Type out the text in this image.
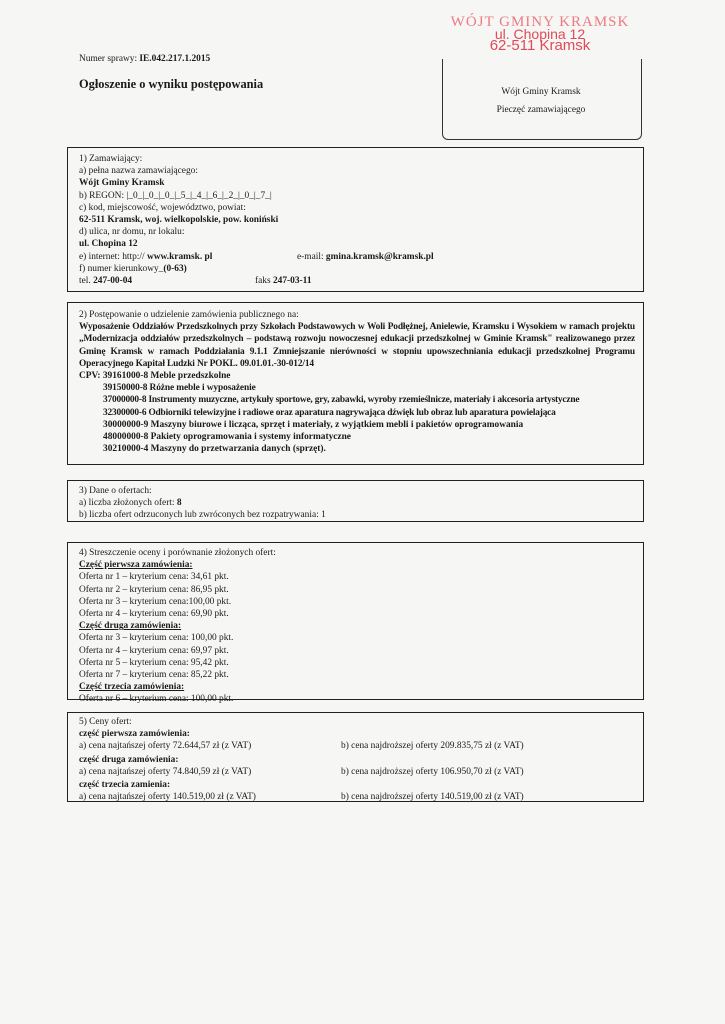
Numer sprawy: IE.042.217.1.2015
Ogłoszenie o wyniku postępowania
WÓJT GMINY KRAMSK
ul. Chopina 12
62-511 Kramsk
Wójt Gminy Kramsk
Pieczęć zamawiającego
1) Zamawiający:
a) pełna nazwa zamawiającego:
Wójt Gminy Kramsk
b) REGON: |_0_|_0_|_0_|_5_|_4_|_6_|_2_|_0_|_7_|
c) kod, miejscowość, województwo, powiat:
62-511 Kramsk, woj. wielkopolskie, pow. koniński
d) ulica, nr domu, nr lokalu:
ul. Chopina 12
e) internet: http:// www.kramsk. pl	e-mail: gmina.kramsk@kramsk.pl
f) numer kierunkowy_(0-63)
tel. 247-00-04	faks 247-03-11
2) Postępowanie o udzielenie zamówienia publicznego na:
Wyposażenie Oddziałów Przedszkolnych przy Szkołach Podstawowych w Woli Podłężnej, Anielewie, Kramsku i Wysokiem w ramach projektu „Modernizacja oddziałów przedszkolnych – podstawą rozwoju nowoczesnej edukacji przedszkolnej w Gminie Kramsk" realizowanego przez Gminę Kramsk w ramach Poddziałania 9.1.1 Zmniejszanie nierówności w stopniu upowszechniania edukacji przedszkolnej Programu Operacyjnego Kapitał Ludzki Nr POKL. 09.01.01.-30-012/14
CPV: 39161000-8 Meble przedszkolne
39150000-8 Różne meble i wyposażenie
37000000-8 Instrumenty muzyczne, artykuły sportowe, gry, zabawki, wyroby rzemieślnicze, materiały i akcesoria artystyczne
32300000-6 Odbiorniki telewizyjne i radiowe oraz aparatura nagrywająca dźwięk lub obraz lub aparatura powielająca
30000000-9 Maszyny biurowe i licząca, sprzęt i materiały, z wyjątkiem mebli i pakietów oprogramowania
48000000-8 Pakiety oprogramowania i systemy informatyczne
30210000-4 Maszyny do przetwarzania danych (sprzęt).
3) Dane o ofertach:
a) liczba złożonych ofert: 8
b) liczba ofert odrzuconych lub zwróconych bez rozpatrywania: 1
4) Streszczenie oceny i porównanie złożonych ofert:
Część pierwsza zamówienia:
Oferta nr 1 – kryterium cena: 34,61 pkt.
Oferta nr 2 – kryterium cena: 86,95 pkt.
Oferta nr 3 – kryterium cena:100,00 pkt.
Oferta nr 4 – kryterium cena: 69,90 pkt.
Część druga zamówienia:
Oferta nr 3 – kryterium cena: 100,00 pkt.
Oferta nr 4 – kryterium cena: 69,97 pkt.
Oferta nr 5 – kryterium cena: 95,42 pkt.
Oferta nr 7 – kryterium cena: 85,22 pkt.
Część trzecia zamówienia:
Oferta nr 6 – kryterium cena: 100,00 pkt.
5) Ceny ofert:
część pierwsza zamówienia:
a) cena najtańszej oferty 72.644,57 zł (z VAT)	b) cena najdroższej oferty 209.835,75 zł (z VAT)
część druga zamówienia:
a) cena najtańszej oferty 74.840,59 zł (z VAT)	b) cena najdroższej oferty 106.950,70 zł (z VAT)
część trzecia zamienia:
a) cena najtańszej oferty 140.519,00 zł (z VAT)	b) cena najdroższej oferty 140.519,00 zł (z VAT)
